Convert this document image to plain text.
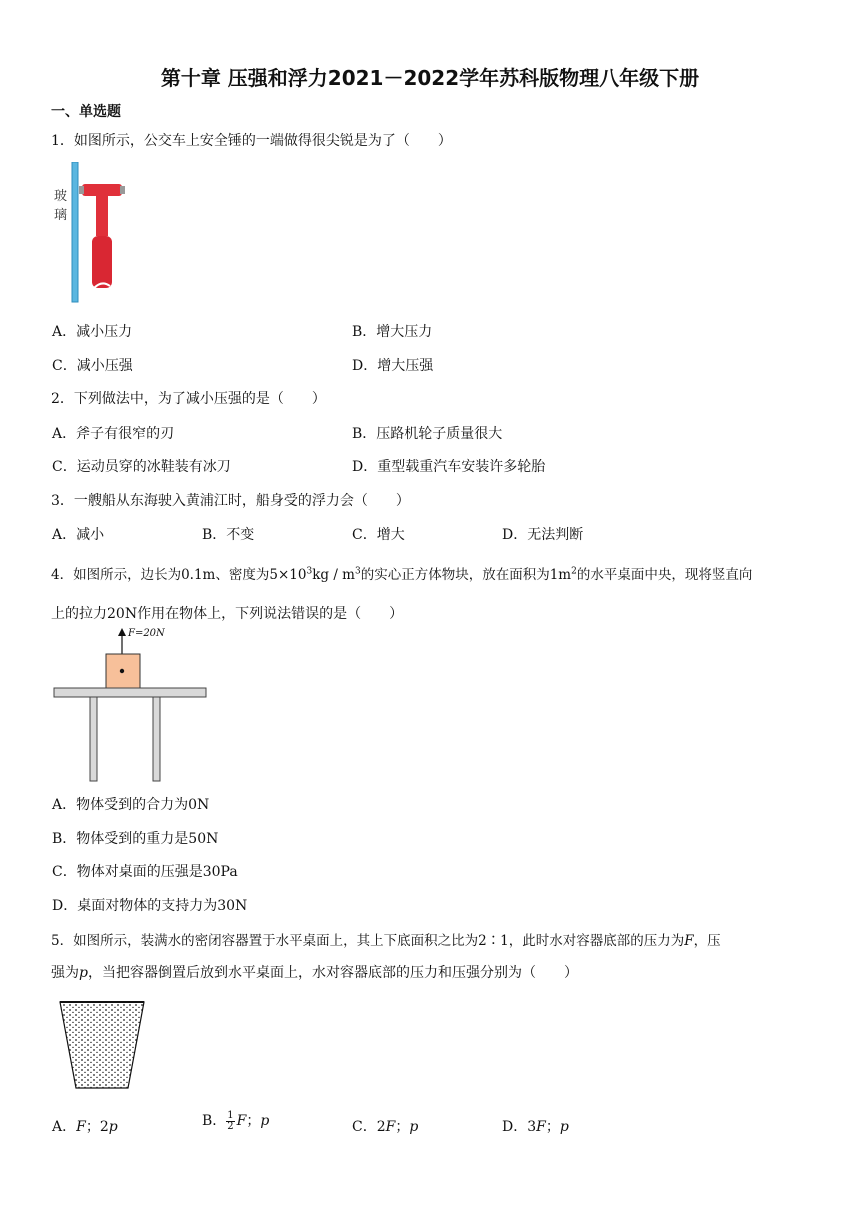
第十章 压强和浮力2021－2022学年苏科版物理八年级下册
一、单选题
1．如图所示，公交车上安全锤的一端做得很尖锐是为了（　　）
玻
璃
A．减小压力	B．增大压力
C．减小压强	D．增大压强
2．下列做法中，为了减小压强的是（　　）
A．斧子有很窄的刃	B．压路机轮子质量很大
C．运动员穿的冰鞋装有冰刀	D．重型载重汽车安装许多轮胎
3．一艘船从东海驶入黄浦江时，船身受的浮力会（　　）
A．减小	B．不变	C．增大	D．无法判断
4．如图所示，边长为0.1m、密度为$5\times 10^3kg / m^3$的实心正方体物块，放在面积为$1m^2$的水平桌面中央，现将竖直向
上的拉力20N作用在物体上，下列说法错误的是（　　）
F=20N
A．物体受到的合力为0N
B．物体受到的重力是50N
C．物体对桌面的压强是30Pa
D．桌面对物体的支持力为30N
5．如图所示，装满水的密闭容器置于水平桌面上，其上下底面积之比为2∶1，此时水对容器底部的压力为F，压
强为p，当把容器倒置后放到水平桌面上，水对容器底部的压力和压强分别为（　　）
A．F；2p	B． $\frac{1}{2}$ F；p	C．2F；p	D．3F；p
